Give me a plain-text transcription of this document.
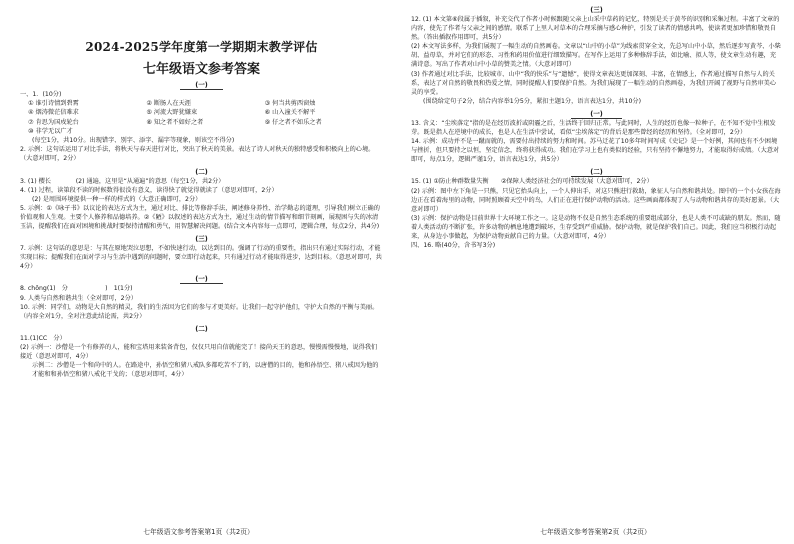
2024-2025学年度第一学期期末教学评估
七年级语文参考答案
(一)

一、1．(10分)

① 谁引诗情到碧霄	② 断肠人在天涯	③ 何当共剪西窗烛
④ 烟涛微茫信难求	⑤ 河流大野犹嫌束	⑥ 山入潼关不解平
⑦ 肯思为国戍轮台	⑧ 知之者不如好之者	⑨ 仔之者不如乐之者
⑩ 非学无以广才

(每空1分，共10分。出现错字、别字、添字、漏字等现象，则该空不得分)

2. 示例：这句话运用了对比手法，将秋天与春天进行对比，突出了秋天的美景。表达了诗人对秋天的独特感受和积极向上的心境。（大意对即可，2分）

(二)

3. (1) 樱长　　　　(2) 通遍，这里是“从通遍”的意思（每空1分，共2分）

4. (1) 过程，读第段不读的时候数得很没有意义，读得快了就觉得就读了（意思对即可，2分）

(2) 是周围环境提供一种一样的样式的（大意正确即可，2分）

5. 示例：①《咏孑书》以议论的表达方式为主，通过对比、排比等修辞手法，阐述修身养性、治学勤志的道理，引导我们树立正确的价值观和人生观。主要个人修养和品德培养。②《陋》以叙述的表达方式为主，通过生动的情节描写和细节刻画，展现困与失的冰清玉洁，提醒我们在面对困境和挑战时要保持清醒和勇气，用智慧解决问题。(结合文本内容每一点即可，逻辑合理，每点2分，共4分)

(三)

7. 示例：这句话的意思是：与其在原地哭泣思想，不如快速行动，以达到目的。强调了行动的重要性，指出只有通过实际行动，才能实现目标；提醒我们在面对学习与生活中遇到的问题时，要立即行动起来，只有通过行动才能取得进步，达到目标。（意思对即可，共4分）

(一)

8. chōng(1)　分　　　　　　)　1(1分)

9. 人类与自然和谐共生（全对即可，2分）

10. 示例：同学们，动物是大自然的精灵，我们的生活因为它们的参与才更美好。让我们一起守护他们，守护大自然的平衡与美丽。（内容全对1分，全对注意此结论需，共2分）

(二)

11.(1)CC　分）

(2) 示例一：沙僧是一个有修养的人，能和宝塔用来装备背包，仅仅只用自信就能完了！接尚天王的意思，慢慢需慢慢地，说得我们接近（意思对即可，4分）

示例二：沙僧是一个和尚中的人。在路途中，孙悟空和猪八戒队多都吃苦不了的，以唐僧的目的，他和孙悟空、猪八戒因为他的才能和和孙悟空和猪八戒化干戈的；（意思对即可，4分）

七年级语文参考答案第1页（共2页）
(三)

12. (1) 本文第⑥段属于插叙，补充交代了作者小时候跟随父亲上山采中草药的记忆，特别是关于黄芩的识别和采集过程。丰富了文章的内容，使先了作者与父亲之间的感情。联系了上里人对草本的合理采摘与感心种护，引发了读者的情感共鸣，使读者更加珍惜和敬畏自然。（答出插叙作用即可，共5分）

(2) 本文写法多样，为我们展现了一幅生动的自然画卷。文章以“山中的小草”为线索贯穿全文，先总写山中小草，然后逐步写黄芩、小柴胡、益母草，并对它们的形态、习性和药用价值进行细致描写。在写作上运用了多种修辞手法，如比喻、拟人等，使文章生动有趣，充满诗意。写出了作者对山中小草的赞美之情。（大意对即可）

(3) 作者通过对比手法，比较城市、山中“我的快乐”与“遗憾”，使得文章表达更加深刻、丰富，在情感上，作者通过描写自然与人的关系，表达了对自然的敬畏和热爱之情，同时提醒人们要保护自然。为我们展现了一幅生动的自然画卷，为我们开阔了视野与自然审美心灵的享受。

(围绕给定句子2分，结合内容举1分5分，紧扣主题1分，语言表达1分，共10分)

(一)

13. 含义：“尘埃落定”指的是在经历波折或阴霾之后，生活终于回归正常。与此同时，人生的经历也像一粒种子，在不知不觉中生根发芽。既是指人在逆境中的成长，也是人在生活中尝试，看似“尘埃落定”的背后是那些曾经的经历和坚持。（全对即可，2分）

14. 示例：成功并不是一蹴而就的，需要付出持续的努力和时间。苏马迁花了10多年时间写成《史记》是一个好例，其间也有不少困境与挫折，但只要持之以恒，坚定信念，终将获得成功。我们在学习上也有类似的经验，只有坚持不懈地努力，才能取得好成绩。（大意对即可，每点1分，逻辑严谨1分，语言表达1分，共5分）

(二)

15. (1) ①防止种群数量失衡　　②保障人类经济社会的可持续发展（大意对即可，2分）

(2) 示例：图中左下角是一只熊，只见它抬头向上，一个人伸出手，对这只熊进行救助，象征人与自然和谐共处。图中的一个小女孩在海边正在看着海里的动物，同时照顾着天空中的鸟，人们正在进行保护动物的活动。这些画面都体现了人与动物和谐共存的美好愿景。（大意对即可）

(3) 示例：保护动物是目前世界十大环境工作之一。这是动物不仅是自然生态系统的重要组成部分，也是人类不可或缺的朋友。然而，随着人类活动的不断扩张，许多动物的栖息地遭到破坏，生存受到严重威胁。保护动物，就是保护我们自己。因此，我们应当积极行动起来，从身边小事做起，为保护动物贡献自己的力量。（大意对即可，4分）

四、16. 略(40分，含书写3分)

七年级语文参考答案第2页（共2页）
